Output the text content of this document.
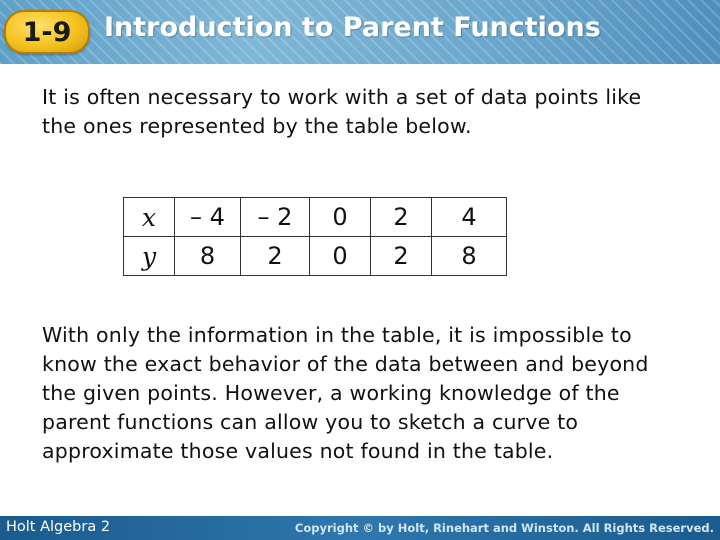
1-9 Introduction to Parent Functions
It is often necessary to work with a set of data points like the ones represented by the table below.
x	– 4	– 2	0	2	4
y	8	2	0	2	8
With only the information in the table, it is impossible to know the exact behavior of the data between and beyond the given points. However, a working knowledge of the parent functions can allow you to sketch a curve to approximate those values not found in the table.
Holt Algebra 2	Copyright © by Holt, Rinehart and Winston. All Rights Reserved.
